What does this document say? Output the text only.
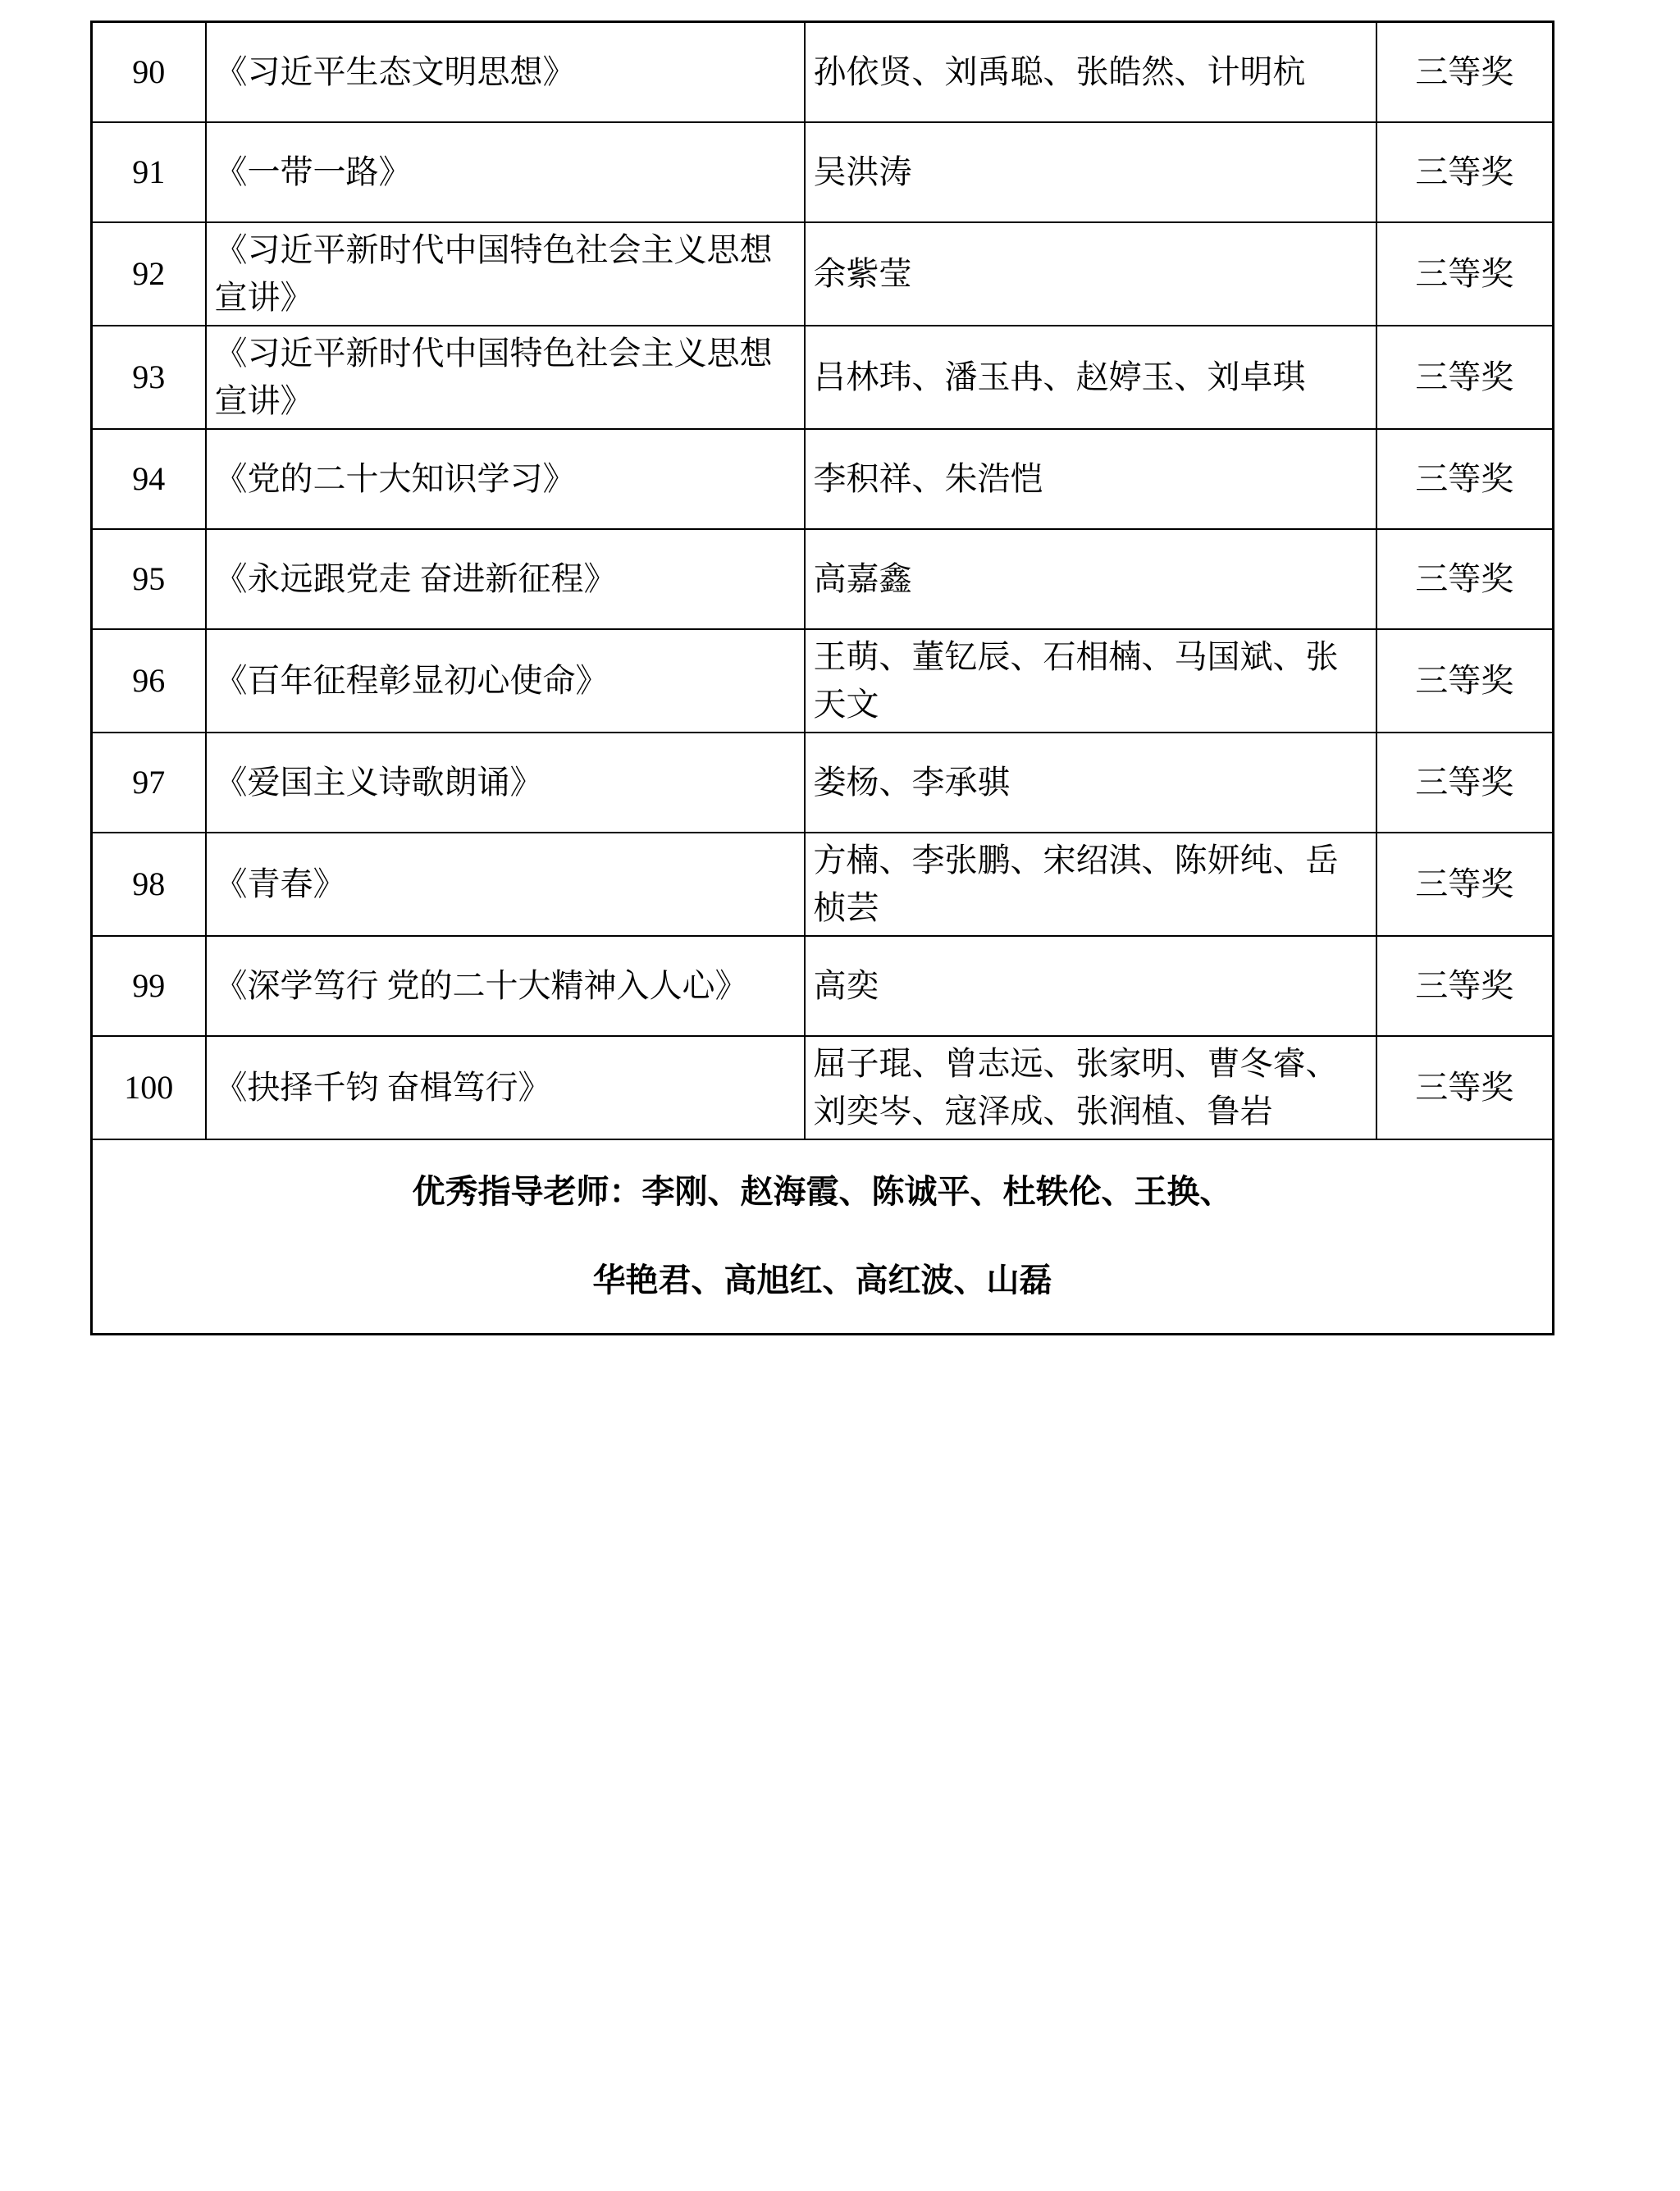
90	《习近平生态文明思想》	孙依贤、刘禹聪、张皓然、计明杭	三等奖
91	《一带一路》	吴洪涛	三等奖
92	《习近平新时代中国特色社会主义思想宣讲》	余紫莹	三等奖
93	《习近平新时代中国特色社会主义思想宣讲》	吕林玮、潘玉冉、赵婷玉、刘卓琪	三等奖
94	《党的二十大知识学习》	李积祥、朱浩恺	三等奖
95	《永远跟党走 奋进新征程》	高嘉鑫	三等奖
96	《百年征程彰显初心使命》	王萌、董钇辰、石相楠、马国斌、张天文	三等奖
97	《爱国主义诗歌朗诵》	娄杨、李承骐	三等奖
98	《青春》	方楠、李张鹏、宋绍淇、陈妍纯、岳桢芸	三等奖
99	《深学笃行 党的二十大精神入人心》	高奕	三等奖
100	《抉择千钧 奋楫笃行》	屈子琨、曾志远、张家明、曹冬睿、刘奕岑、寇泽成、张润植、鲁岩	三等奖

优秀指导老师：李刚、赵海霞、陈诚平、杜轶伦、王换、
华艳君、高旭红、高红波、山磊			
